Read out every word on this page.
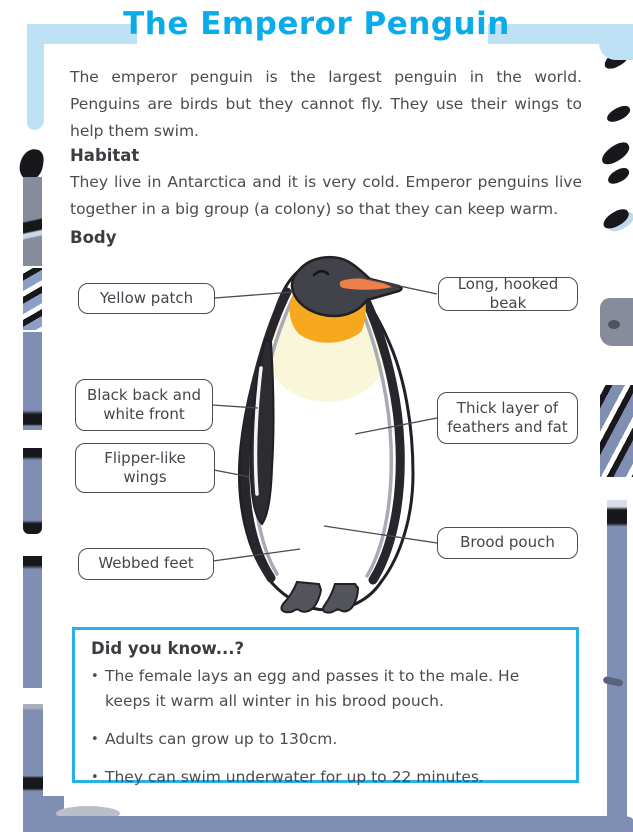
The Emperor Penguin

The emperor penguin is the largest penguin in the world. Penguins are birds but they cannot fly. They use their wings to help them swim.

Habitat

They live in Antarctica and it is very cold. Emperor penguins live together in a big group (a colony) so that they can keep warm.

Body
Yellow patch
Long, hooked beak
Black back and white front	Thick layer of feathers and fat
Flipper-like wings
Webbed feet
Brood pouch
Did you know...?
• The female lays an egg and passes it to the male. He keeps it warm all winter in his brood pouch.
• Adults can grow up to 130cm.
• They can swim underwater for up to 22 minutes.
